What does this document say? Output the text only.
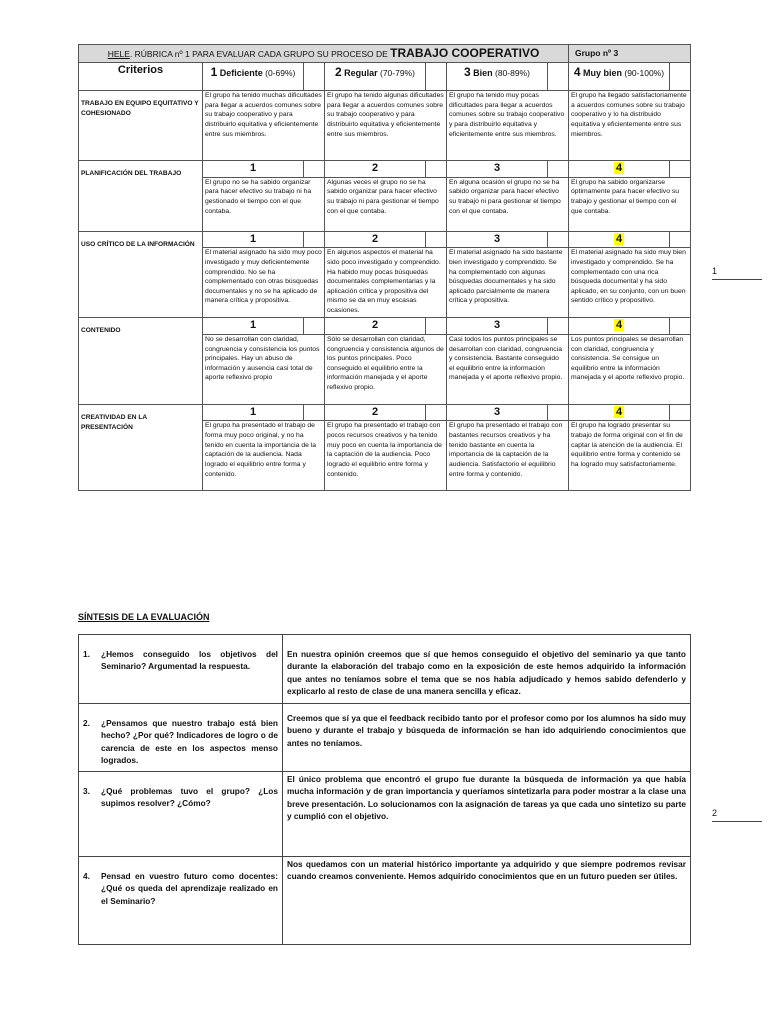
HELE. RÚBRICA nº 1 PARA EVALUAR CADA GRUPO SU PROCESO DE TRABAJO COOPERATIVO							Grupo nº 3	
Criterios	1 Deficiente (0-69%)		2 Regular (70-79%)		3 Bien (80-89%)		4 Muy bien (90-100%)	
TRABAJO EN EQUIPO EQUITATIVO Y COHESIONADO	El grupo ha tenido muchas dificultades para llegar a acuerdos comunes sobre su trabajo cooperativo y para distribuirlo equitativa y eficientemente entre sus miembros.		El grupo ha tenido algunas dificultades para llegar a acuerdos comunes sobre su trabajo cooperativo y para distribuirlo equitativa y eficientemente entre sus miembros.		El grupo ha tenido muy pocas dificultades para llegar a acuerdos comunes sobre su trabajo cooperativo y para distribuirlo equitativa y eficientemente entre sus miembros.		El grupo ha llegado satisfactoriamente a acuerdos comunes sobre su trabajo cooperativo y lo ha distribuido equitativa y eficientemente entre sus miembros.	
PLANIFICACIÓN DEL TRABAJO	1		2		3		4	
	El grupo no se ha sabido organizar para hacer efectivo su trabajo ni ha gestionado el tiempo con el que contaba.		Algunas veces el grupo no se ha sabido organizar para hacer efectivo su trabajo ni para gestionar el tiempo con el que contaba.		En alguna ocasión el grupo no se ha sabido organizar para hacer efectivo su trabajo ni para gestionar el tiempo con el que contaba.		El grupo ha sabido organizarse óptimamente para hacer efectivo su trabajo y gestionar el tiempo con el que contaba.	
USO CRÍTICO DE LA INFORMACIÓN	1		2		3		4	
	El material asignado ha sido muy poco investigado y muy deficientemente comprendido. No se ha complementado con otras búsquedas documentales y no se ha aplicado de manera crítica y propositiva.		En algunos aspectos el material ha sido poco investigado y comprendido. Ha habido muy pocas búsquedas documentales complementarias y la aplicación crítica y propositiva del mismo se da en muy escasas ocasiones.		El material asignado ha sido bastante bien investigado y comprendido. Se ha complementado con algunas búsquedas documentales y ha sido aplicado parcialmente de manera crítica y propositiva.		El material asignado ha sido muy bien investigado y comprendido. Se ha complementado con una rica búsqueda documental y ha sido aplicado, en su conjunto, con un buen sentido crítico y propositivo.	
CONTENIDO	1		2		3		4	
	No se desarrollan con claridad, congruencia y consistencia los puntos principales. Hay un abuso de información y ausencia casi total de aporte reflexivo propio		Sólo se desarrollan con claridad, congruencia y consistencia algunos de los puntos principales. Poco conseguido el equilibrio entre la información manejada y el aporte reflexivo propio.		Casi todos los puntos principales se desarrollan con claridad, congruencia y consistencia. Bastante conseguido el equilibrio entre la información manejada y el aporte reflexivo propio.		Los puntos principales se desarrollan con claridad, congruencia y consistencia. Se consigue un equilibrio entre la información manejada y el aporte reflexivo propio.	
CREATIVIDAD EN LA PRESENTACIÓN	1		2		3		4	
	El grupo ha presentado el trabajo de forma muy poco original, y no ha tenido en cuenta la importancia de la captación de la audiencia. Nada logrado el equilibrio entre forma y contenido.		El grupo ha presentado el trabajo con pocos recursos creativos y ha tenido muy poco en cuenta la importancia de la captación de la audiencia. Poco logrado el equilibrio entre forma y contenido.		El grupo ha presentado el trabajo con bastantes recursos creativos y ha tenido bastante en cuenta la importancia de la captación de la audiencia. Satisfactorio el equilibrio entre forma y contenido.		El grupo ha logrado presentar su trabajo de forma original con el fin de captar la atención de la audiencia. El equilibrio entre forma y contenido se ha logrado muy satisfactoriamente.	

SÍNTESIS DE LA EVALUACIÓN

1. ¿Hemos conseguido los objetivos del Seminario? Argumentad la respuesta.	En nuestra opinión creemos que sí que hemos conseguido el objetivo del seminario ya que tanto durante la elaboración del trabajo como en la exposición de este hemos adquirido la información que antes no teníamos sobre el tema que se nos había adjudicado y hemos sabido defenderlo y explicarlo al resto de clase de una manera sencilla y eficaz.

2. ¿Pensamos que nuestro trabajo está bien hecho? ¿Por qué? Indicadores de logro o de carencia de este en los aspectos menso logrados.	Creemos que sí ya que el feedback recibido tanto por el profesor como por los alumnos ha sido muy bueno y durante el trabajo y búsqueda de información se han ido adquiriendo conocimientos que antes no teníamos.

3. ¿Qué problemas tuvo el grupo? ¿Los supimos resolver? ¿Cómo?	El único problema que encontró el grupo fue durante la búsqueda de información ya que había mucha información y de gran importancia y queríamos sintetizarla para poder mostrar a la clase una breve presentación. Lo solucionamos con la asignación de tareas ya que cada uno sintetizo su parte y cumplió con el objetivo.

4. Pensad en vuestro futuro como docentes: ¿Qué os queda del aprendizaje realizado en el Seminario?	Nos quedamos con un material histórico importante ya adquirido y que siempre podremos revisar cuando creamos conveniente. Hemos adquirido conocimientos que en un futuro pueden ser útiles.
1
2
